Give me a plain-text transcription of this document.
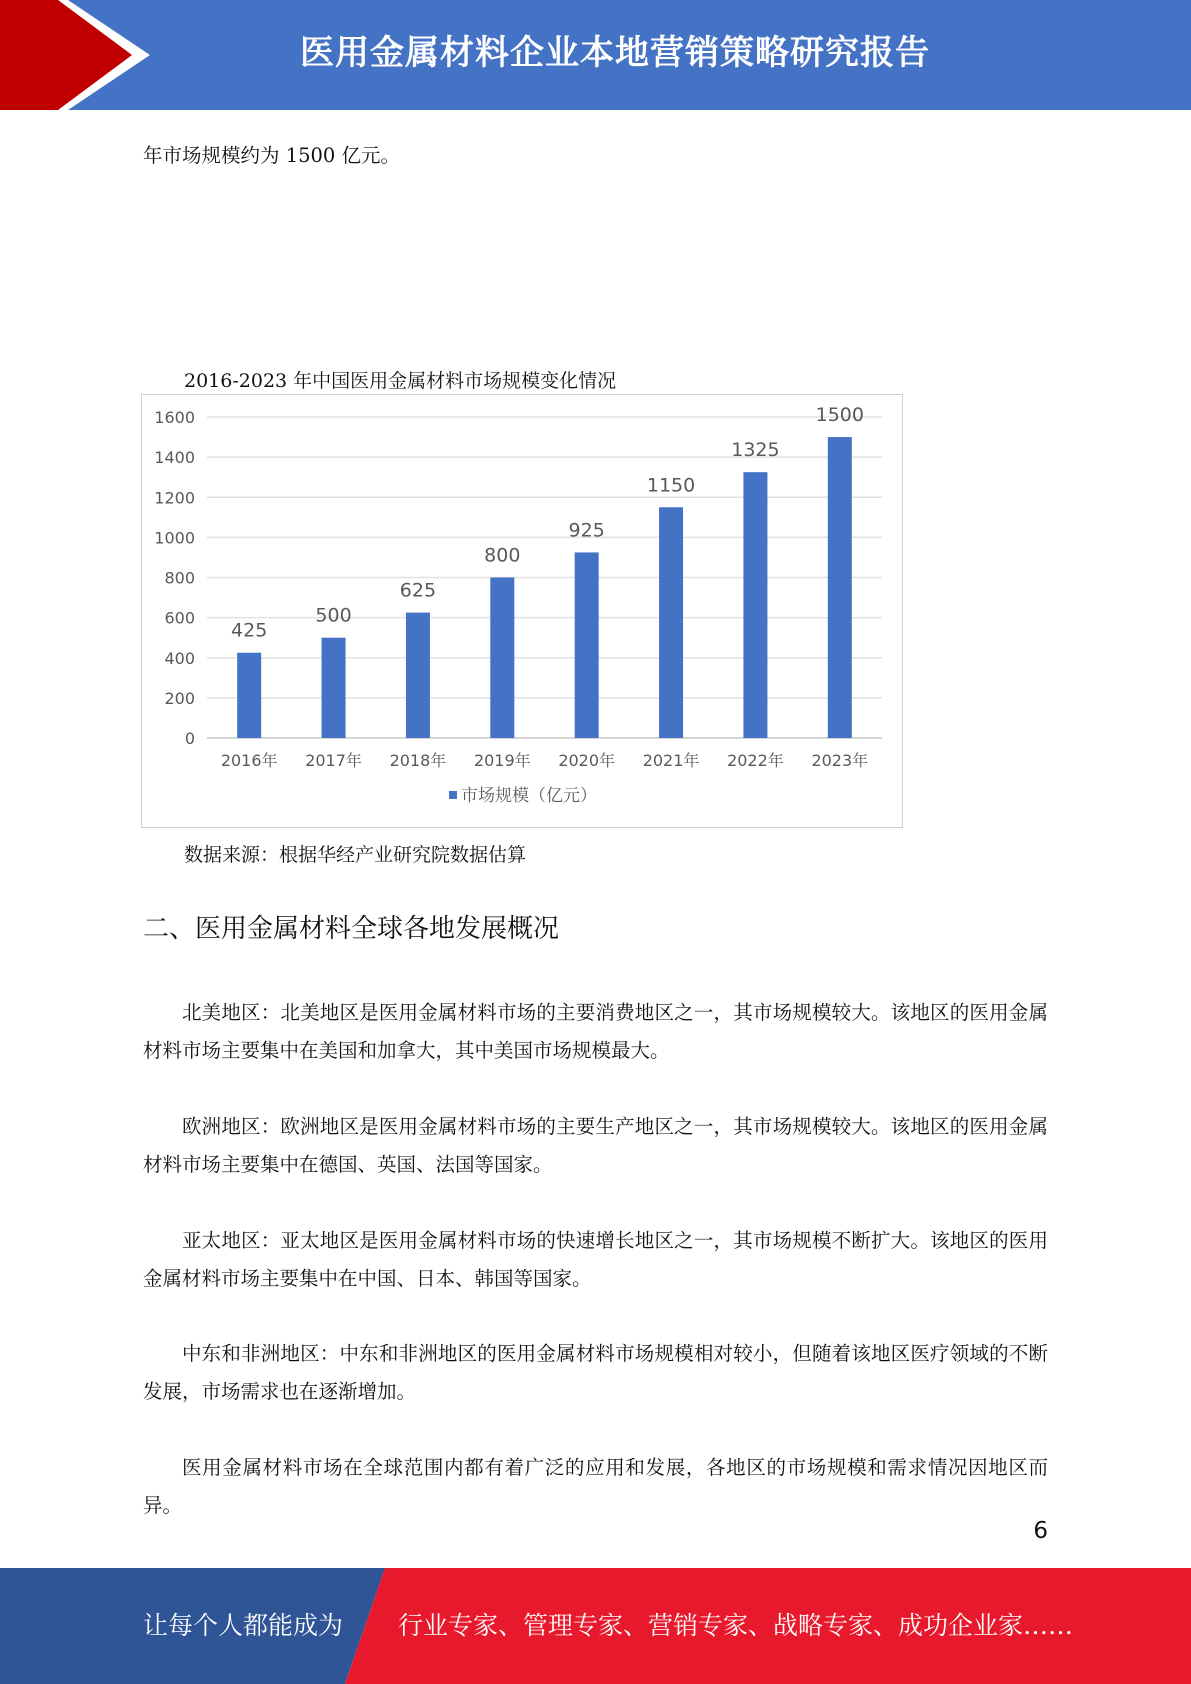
医用金属材料企业本地营销策略研究报告

年市场规模约为 1500 亿元。

2016-2023 年中国医用金属材料市场规模变化情况
0
200
400
600
800
1000
1200
1400
1600
425
2016年
500
2017年
625
2018年
800
2019年
925
2020年
1150
2021年
1325
2022年
1500
2023年
市场规模（亿元）
数据来源：根据华经产业研究院数据估算
二、医用金属材料全球各地发展概况

北美地区：北美地区是医用金属材料市场的主要消费地区之一，其市场规模较大。该地区的医用金属材料市场主要集中在美国和加拿大，其中美国市场规模最大。

欧洲地区：欧洲地区是医用金属材料市场的主要生产地区之一，其市场规模较大。该地区的医用金属材料市场主要集中在德国、英国、法国等国家。

亚太地区：亚太地区是医用金属材料市场的快速增长地区之一，其市场规模不断扩大。该地区的医用金属材料市场主要集中在中国、日本、韩国等国家。

中东和非洲地区：中东和非洲地区的医用金属材料市场规模相对较小，但随着该地区医疗领域的不断发展，市场需求也在逐渐增加。

医用金属材料市场在全球范围内都有着广泛的应用和发展，各地区的市场规模和需求情况因地区而异。

6
让每个人都能成为 行业专家、管理专家、营销专家、战略专家、成功企业家……
